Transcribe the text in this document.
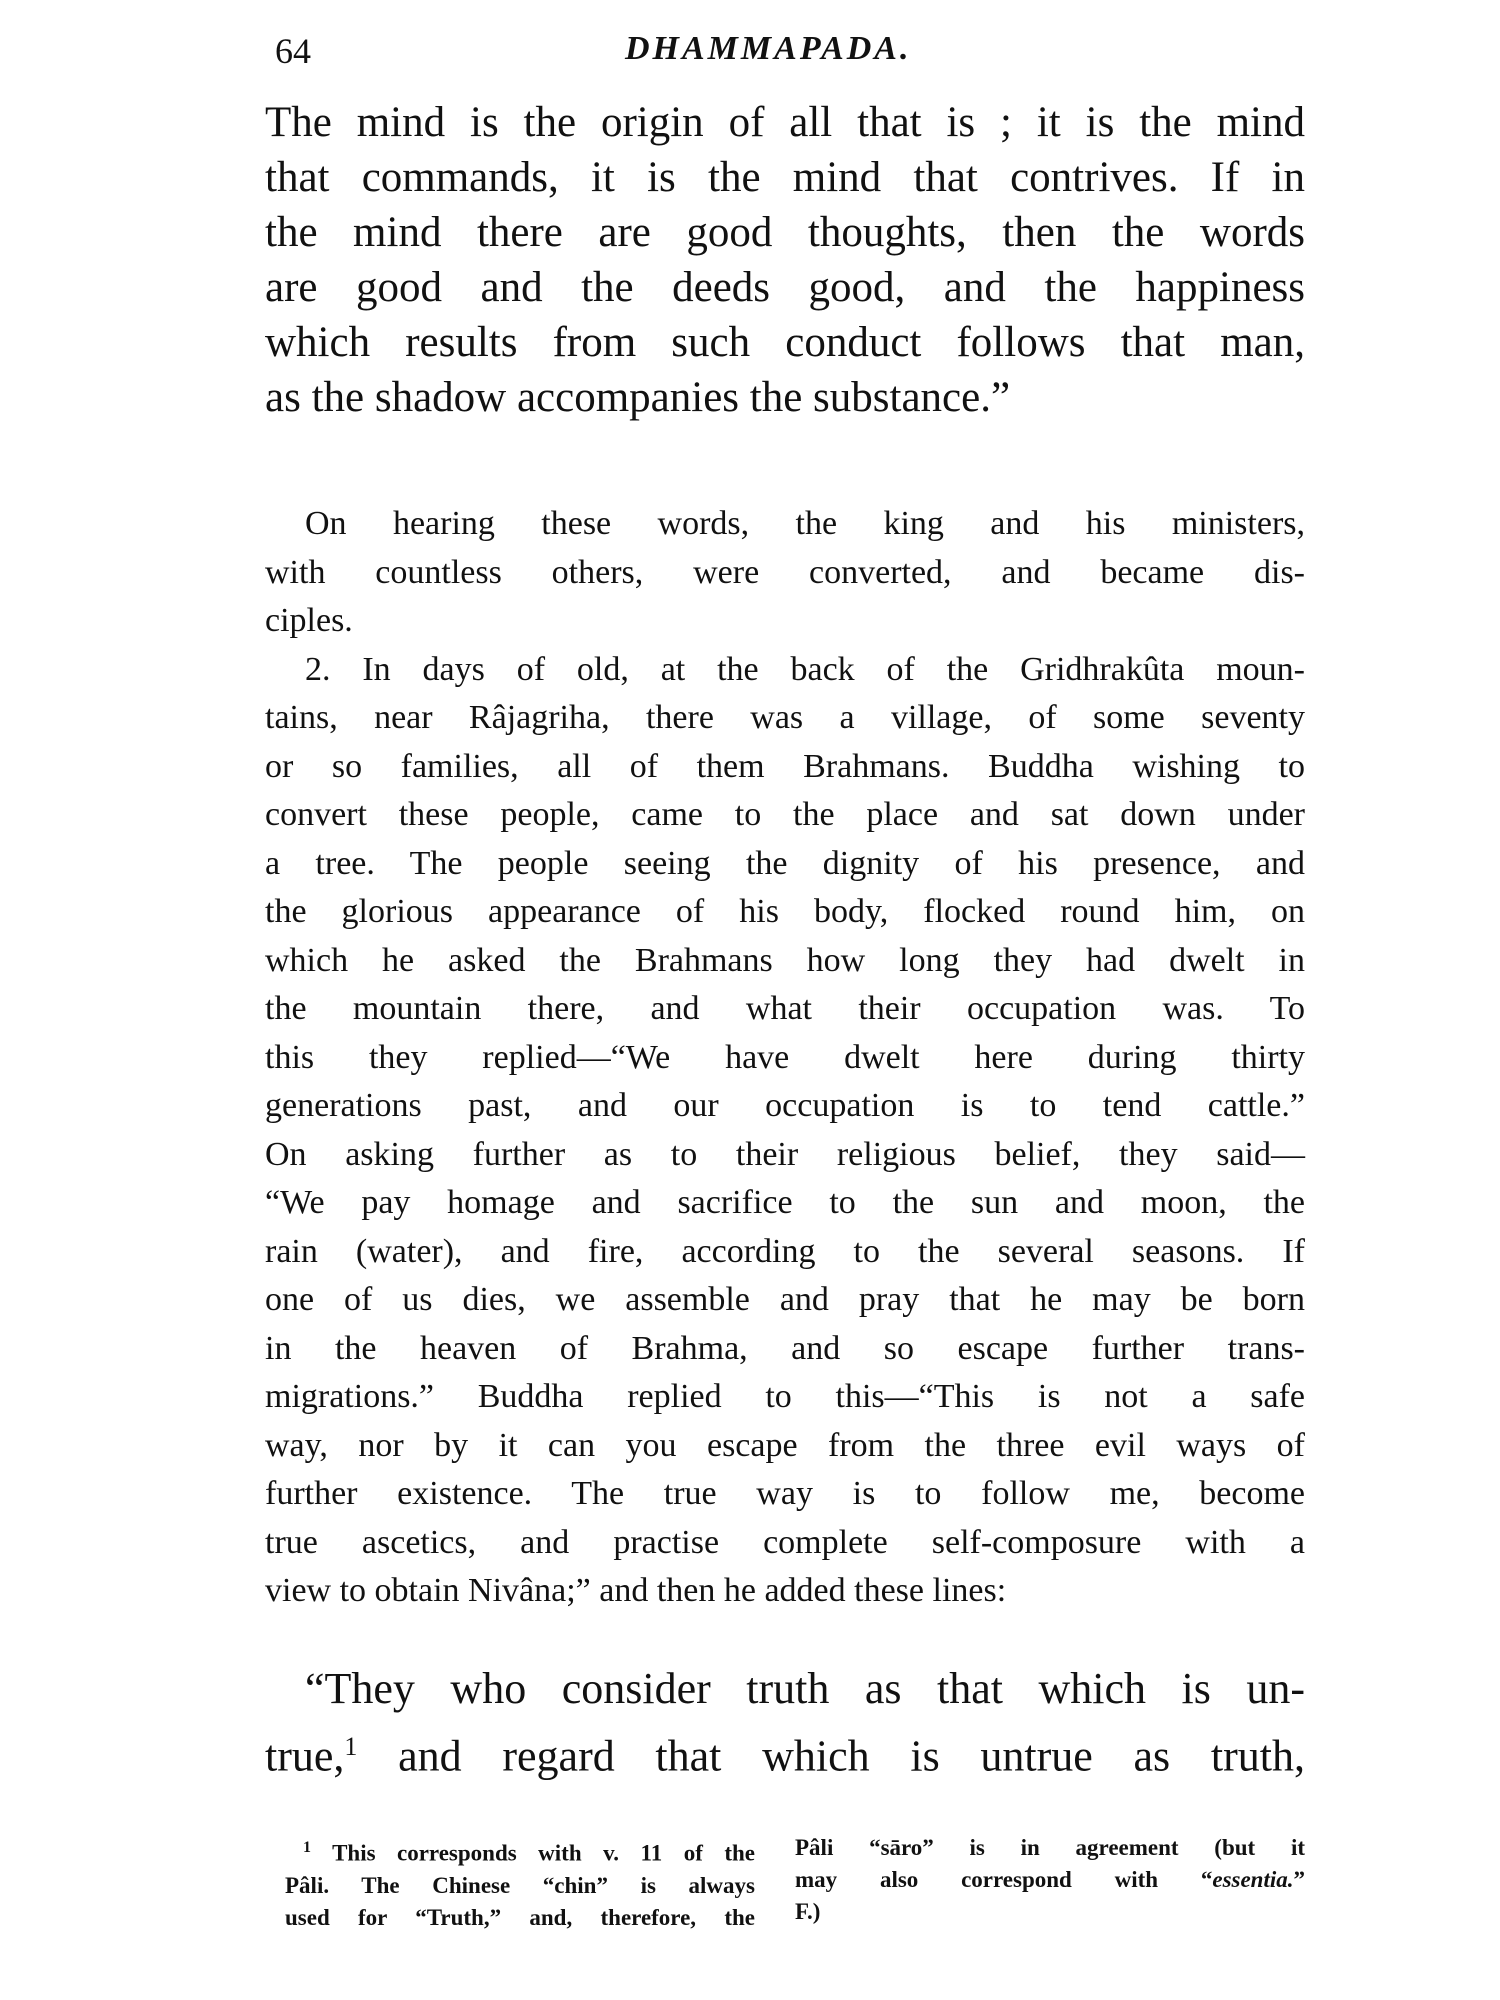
64	DHAMMAPADA.
The mind is the origin of all that is ; it is the mind
that commands, it is the mind that contrives. If in
the mind there are good thoughts, then the words
are good and the deeds good, and the happiness
which results from such conduct follows that man,
as the shadow accompanies the substance.”
On hearing these words, the king and his ministers,
with countless others, were converted, and became dis-
ciples.
2. In days of old, at the back of the Gridhrakûta moun-
tains, near Râjagriha, there was a village, of some seventy
or so families, all of them Brahmans. Buddha wishing to
convert these people, came to the place and sat down under
a tree. The people seeing the dignity of his presence, and
the glorious appearance of his body, flocked round him, on
which he asked the Brahmans how long they had dwelt in
the mountain there, and what their occupation was. To
this they replied—“We have dwelt here during thirty
generations past, and our occupation is to tend cattle.”
On asking further as to their religious belief, they said—
“We pay homage and sacrifice to the sun and moon, the
rain (water), and fire, according to the several seasons. If
one of us dies, we assemble and pray that he may be born
in the heaven of Brahma, and so escape further trans-
migrations.” Buddha replied to this—“This is not a safe
way, nor by it can you escape from the three evil ways of
further existence. The true way is to follow me, become
true ascetics, and practise complete self-composure with a
view to obtain Nivâna;” and then he added these lines:
“They who consider truth as that which is un-
true,$^1$ and regard that which is untrue as truth,
$^1$ This corresponds with v. 11 of the
Pâli. The Chinese “chin” is always
used for “Truth,” and, therefore, the
Pâli “sāro” is in agreement (but it
may also correspond with “essentia.”
F.)
